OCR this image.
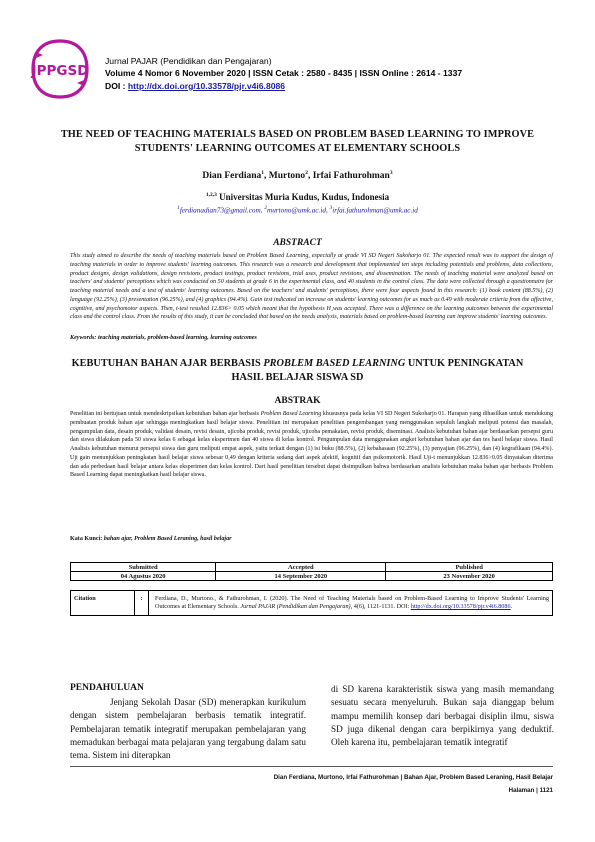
JPPGSD
Jurnal PAJAR (Pendidikan dan Pengajaran)
Volume 4 Nomor 6 November 2020 | ISSN Cetak : 2580 - 8435 | ISSN Online : 2614 - 1337
DOI : http://dx.doi.org/10.33578/pjr.v4i6.8086
THE NEED OF TEACHING MATERIALS BASED ON PROBLEM BASED LEARNING TO IMPROVE STUDENTS' LEARNING OUTCOMES AT ELEMENTARY SCHOOLS
Dian Ferdiana$^1$, Murtono$^2$, Irfai Fathurohman$^3$
$^{1,2,3}$ Universitas Muria Kudus, Kudus, Indonesia
$^1$ferdianadian73@gmail.com, $^2$murtono@umk.ac.id, $^3$irfai.fathurohman@umk.ac.id
ABSTRACT
This study aimed to describe the needs of teaching materials based on Problem Based Learning, especially at grade VI SD Negeri Sukoharjo 01. The expected result was to support the design of teaching materials in order to improve students' learning outcomes. This research was a research and development that implemented ten steps including potentials and problems, data collections, product designs, design validations, design revisions, product testings, product revisions, trial uses, product revisions, and dissemination. The needs of teaching material were analyzed based on teachers' and students' perceptions which was conducted on 50 students at grade 6 in the experimental class, and 40 students in the control class. The data were collected through a questionnaire for teaching material needs and a test of students' learning outcomes. Based on the teachers' and students' perceptions, there were four aspects found in this research: (1) book content (88.5%), (2) language (92.25%), (3) presentation (96.25%), and (4) graphics (94.4%). Gain test indicated an increase on students' learning outcomes for as much as 0.49 with moderate criteria from the affective, cognitive, and psychomotor aspects. Then, t-test resulted 12.836> 0.05 which meant that the hypothesis H₁was accepted. There was a difference on the learning outcomes between the experimental class and the control class. From the results of this study, it can be concluded that based on the needs analysis, materials based on problem-based learning can improve students' learning outcomes.
Keywords: teaching materials, problem-based learning, learning outcomes
KEBUTUHAN BAHAN AJAR BERBASIS PROBLEM BASED LEARNING UNTUK PENINGKATAN HASIL BELAJAR SISWA SD
ABSTRAK
Penelitian ini bertujuan untuk mendeskripsikan kebutuhan bahan ajar berbasis Problem Based Learning khususnya pada kelas VI SD Negeri Sukoharjo 01. Harapan yang dihasilkan untuk mendukung pembuatan produk bahan ajar sehingga meningkatkan hasil belajar siswa. Penelitian ini merupakan penelitian pengembangan yang menggunakan sepuluh langkah meliputi potensi dan masalah, pengumpulan data, desain produk, validasi desain, revisi desain, ujicoba produk, revisi produk, ujicoba pemakaian, revisi produk, diseminasi. Analisis kebutuhan bahan ajar berdasarkan persepsi guru dan siswa dilakukan pada 50 siswa kelas 6 sebagai kelas eksperimen dan 40 siswa di kelas kontrol. Pengumpulan data menggunakan angket kebutuhan bahan ajar dan tes hasil belajar siswa. Hasil Analisis kebutuhan menurut persepsi siswa dan guru meliputi empat aspek, yaitu terkait dengan (1) isi buku (88.5%), (2) kebahasaan (92.25%), (3) penyajian (96.25%), dan (4) kegrafikaan (94.4%). Uji gain menunjukkan peningkatan hasil belajar siswa sebesar 0,49 dengan kriteria sedang dari aspek afektif, kognitif dan psikomotorik. Hasil Uji-t menunjukkan 12.836>0.05 dinyatakan diterima dan ada perbedaan hasil belajar antara kelas eksperimen dan kelas kontrol. Dari hasil penelitian tersebut dapat disimpulkan bahwa berdasarkan analisis kebutuhan maka bahan ajar berbasis Problem Based Learning dapat meningkatkan hasil belajar siswa.
Kata Kunci: bahan ajar, Problem Based Leraning, hasil belajar
Submitted	Accepted	Published
04 Agustus 2020	14 September 2020	23 November 2020
Citation	:	Ferdiana, D., Murtono., & Fathurohman, I. (2020). The Need of Teaching Materials based on Problem-Based Learning to Improve Students' Learning Outcomes at Elementary Schools. Jurnal PAJAR (Pendidikan dan Pengajaran), 4(6), 1121-1131. DOI: http://dx.doi.org/10.33578/pjr.v4i6.8086.
PENDAHULUAN
Jenjang Sekolah Dasar (SD) menerapkan kurikulum dengan sistem pembelajaran berbasis tematik integratif. Pembelajaran tematik integratif merupakan pembelajaran yang memadukan berbagai mata pelajaran yang tergabung dalam satu tema. Sistem ini diterapkan
di SD karena karakteristik siswa yang masih memandang sesuatu secara menyeluruh. Bukan saja dianggap belum mampu memilih konsep dari berbagai disiplin ilmu, siswa SD juga dikenal dengan cara berpikirnya yang deduktif. Oleh karena itu, pembelajaran tematik integratif
Dian Ferdiana, Murtono, Irfai Fathurohman | Bahan Ajar, Problem Based Leraning, Hasil Belajar
Halaman | 1121
